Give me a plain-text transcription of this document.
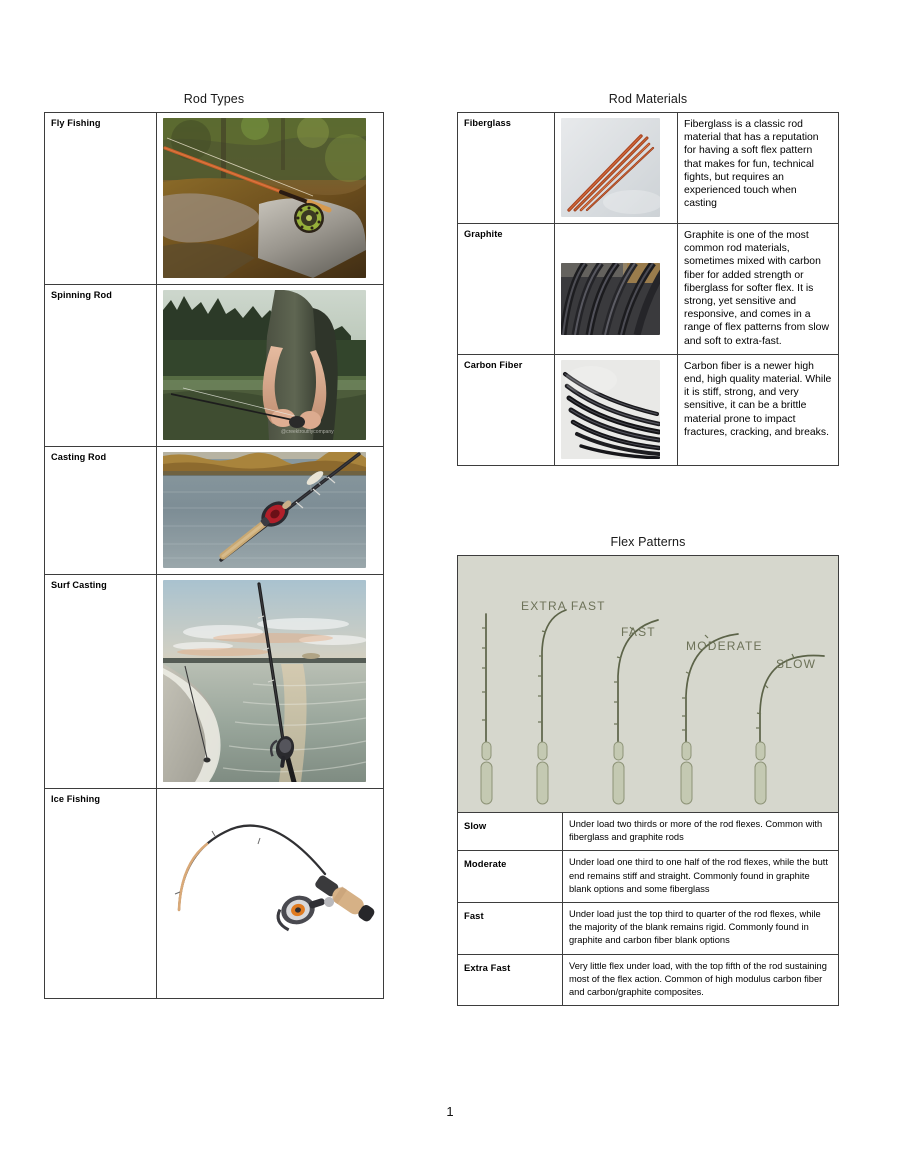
Rod Types
Fly Fishing	

Spinning Rod	@creektroutflycompany

Casting Rod	

Surf Casting	

Ice Fishing	
Rod Materials
Fiberglass		Fiberglass is a classic rod material that has a reputation for having a soft flex pattern that makes for fun, technical fights, but requires an experienced touch when casting
Graphite		Graphite is one of the most common rod materials, sometimes mixed with carbon fiber for added strength or fiberglass for softer flex. It is strong, yet sensitive and responsive, and comes in a range of flex patterns from slow and soft to extra-fast.
Carbon Fiber		Carbon fiber is a newer high end, high quality material. While it is stiff, strong, and very sensitive, it can be a brittle material prone to impact fractures, cracking, and breaks.
Flex Patterns
EXTRA FAST
FAST
MODERATE
SLOW
Slow	Under load two thirds or more of the rod flexes. Common with fiberglass and graphite rods
Moderate	Under load one third to one half of the rod flexes, while the butt end remains stiff and straight. Commonly found in graphite blank options and some fiberglass
Fast	Under load just the top third to quarter of the rod flexes, while the majority of the blank remains rigid. Commonly found in graphite and carbon fiber blank options
Extra Fast	Very little flex under load, with the top fifth of the rod sustaining most of the flex action. Common of high modulus carbon fiber and carbon/graphite composites.
1
